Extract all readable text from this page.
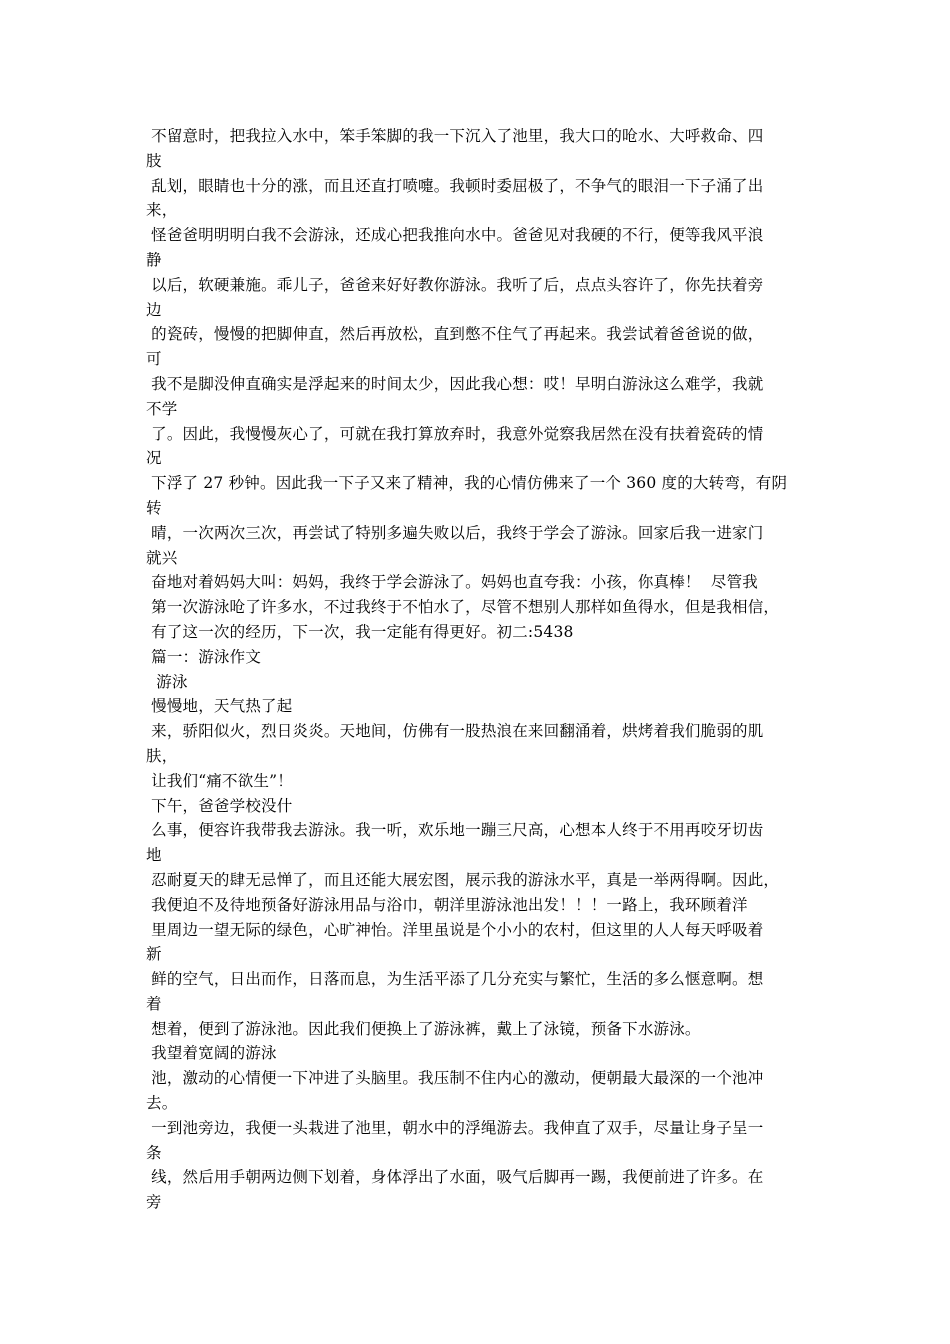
不留意时，把我拉入水中，笨手笨脚的我一下沉入了池里，我大口的呛水、大呼救命、四
肢
乱划，眼睛也十分的涨，而且还直打喷嚏。我顿时委屈极了，不争气的眼泪一下子涌了出
来，
怪爸爸明明明白我不会游泳，还成心把我推向水中。爸爸见对我硬的不行，便等我风平浪
静
以后，软硬兼施。乖儿子，爸爸来好好教你游泳。我听了后，点点头容许了，你先扶着旁
边
的瓷砖，慢慢的把脚伸直，然后再放松，直到憋不住气了再起来。我尝试着爸爸说的做，
可
我不是脚没伸直确实是浮起来的时间太少，因此我心想：哎！早明白游泳这么难学，我就
不学
了。因此，我慢慢灰心了，可就在我打算放弃时，我意外觉察我居然在没有扶着瓷砖的情
况
下浮了 27 秒钟。因此我一下子又来了精神，我的心情仿佛来了一个 360 度的大转弯，有阴
转
晴，一次两次三次，再尝试了特别多遍失败以后，我终于学会了游泳。回家后我一进家门
就兴
奋地对着妈妈大叫：妈妈，我终于学会游泳了。妈妈也直夸我：小孩，你真棒！  尽管我
第一次游泳呛了许多水，不过我终于不怕水了，尽管不想别人那样如鱼得水，但是我相信，
有了这一次的经历，下一次，我一定能有得更好。初二:5438
篇一：游泳作文
游泳
慢慢地，天气热了起
来，骄阳似火，烈日炎炎。天地间，仿佛有一股热浪在来回翻涌着，烘烤着我们脆弱的肌
肤，
让我们“痛不欲生”！
下午，爸爸学校没什
么事，便容许我带我去游泳。我一听，欢乐地一蹦三尺高，心想本人终于不用再咬牙切齿
地
忍耐夏天的肆无忌惮了，而且还能大展宏图，展示我的游泳水平，真是一举两得啊。因此，
我便迫不及待地预备好游泳用品与浴巾，朝洋里游泳池出发！！！一路上，我环顾着洋
里周边一望无际的绿色，心旷神怡。洋里虽说是个小小的农村，但这里的人人每天呼吸着
新
鲜的空气，日出而作，日落而息，为生活平添了几分充实与繁忙，生活的多么惬意啊。想
着
想着，便到了游泳池。因此我们便换上了游泳裤，戴上了泳镜，预备下水游泳。
我望着宽阔的游泳
池，激动的心情便一下冲进了头脑里。我压制不住内心的激动，便朝最大最深的一个池冲
去。
一到池旁边，我便一头栽进了池里，朝水中的浮绳游去。我伸直了双手，尽量让身子呈一
条
线，然后用手朝两边侧下划着，身体浮出了水面，吸气后脚再一踢，我便前进了许多。在
旁
